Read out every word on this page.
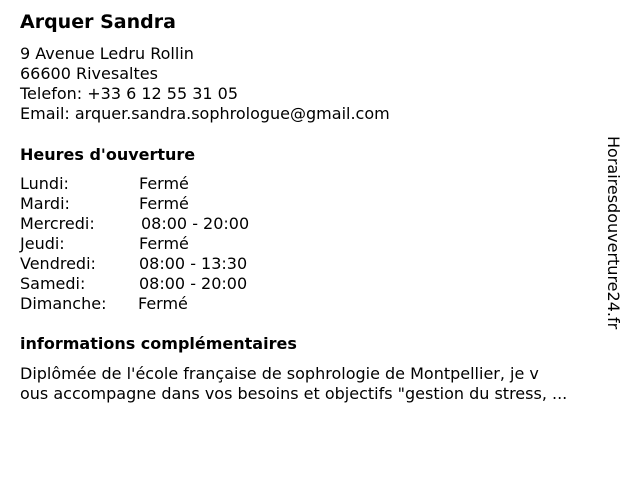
Arquer Sandra
9 Avenue Ledru Rollin
66600 Rivesaltes
Telefon: +33 6 12 55 31 05
Email: arquer.sandra.sophrologue@gmail.com
Heures d'ouverture
Lundi:	Fermé
Mardi:	Fermé
Mercredi:	08:00 - 20:00
Jeudi:	Fermé
Vendredi:	08:00 - 13:30
Samedi:	08:00 - 20:00
Dimanche: Fermé
informations complémentaires
Diplômée de l'école française de sophrologie de Montpellier, je v
ous accompagne dans vos besoins et objectifs "gestion du stress, ...
Horairesdouverture24.fr
